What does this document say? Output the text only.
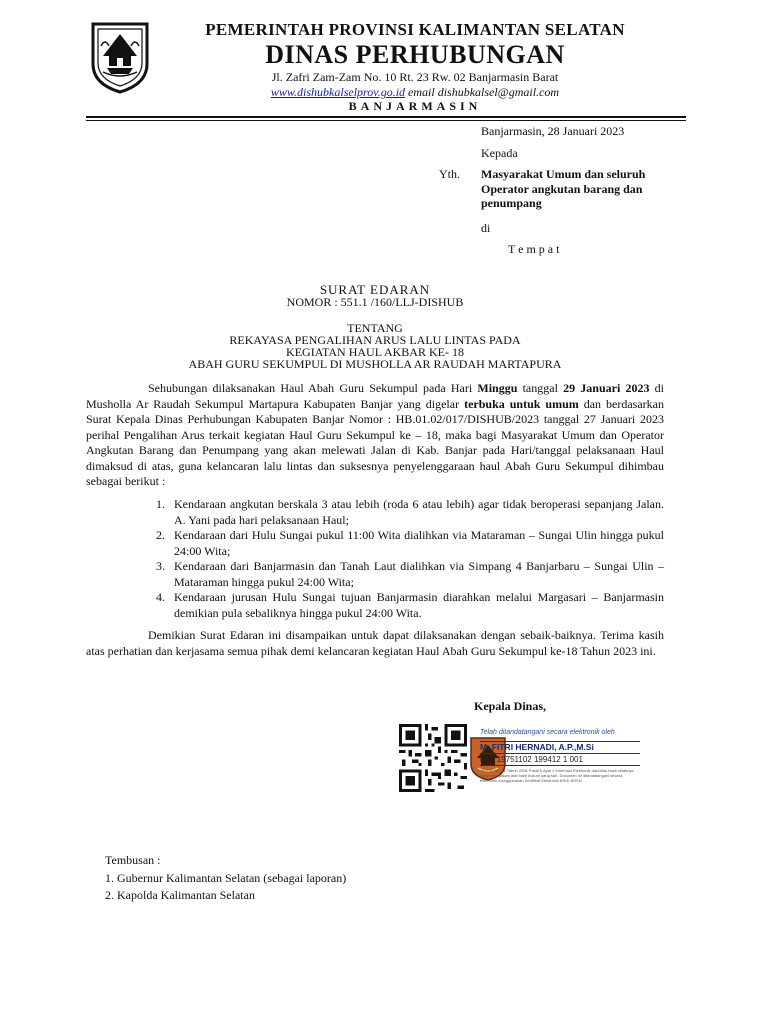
PEMERINTAH PROVINSI KALIMANTAN SELATAN
DINAS PERHUBUNGAN
Jl. Zafri Zam-Zam No. 10 Rt. 23 Rw. 02 Banjarmasin Barat
www.dishubkalselprov.go.id email dishubkalsel@gmail.com
BANJARMASIN
Banjarmasin, 28 Januari 2023
Kepada
Yth. Masyarakat Umum dan seluruh
Operator angkutan barang dan
penumpang
di
T e m p a t
SURAT EDARAN
NOMOR : 551.1 /160/LLJ-DISHUB
TENTANG
REKAYASA PENGALIHAN ARUS LALU LINTAS PADA
KEGIATAN HAUL AKBAR KE- 18
ABAH GURU SEKUMPUL DI MUSHOLLA AR RAUDAH MARTAPURA
Sehubungan dilaksanakan Haul Abah Guru Sekumpul pada Hari Minggu tanggal 29 Januari 2023 di Musholla Ar Raudah Sekumpul Martapura Kabupaten Banjar yang digelar terbuka untuk umum dan berdasarkan Surat Kepala Dinas Perhubungan Kabupaten Banjar Nomor : HB.01.02/017/DISHUB/2023 tanggal 27 Januari 2023 perihal Pengalihan Arus terkait kegiatan Haul Guru Sekumpul ke – 18, maka bagi Masyarakat Umum dan Operator Angkutan Barang dan Penumpang yang akan melewati Jalan di Kab. Banjar pada Hari/tanggal pelaksanaan Haul dimaksud di atas, guna kelancaran lalu lintas dan suksesnya penyelenggaraan haul Abah Guru Sekumpul dihimbau sebagai berikut :
1. Kendaraan angkutan berskala 3 atau lebih (roda 6 atau lebih) agar tidak beroperasi sepanjang Jalan. A. Yani pada hari pelaksanaan Haul;
2. Kendaraan dari Hulu Sungai pukul 11:00 Wita dialihkan via Mataraman – Sungai Ulin hingga pukul 24:00 Wita;
3. Kendaraan dari Banjarmasin dan Tanah Laut dialihkan via Simpang 4 Banjarbaru – Sungai Ulin – Mataraman hingga pukul 24:00 Wita;
4. Kendaraan jurusan Hulu Sungai tujuan Banjarmasin diarahkan melalui Margasari – Banjarmasin demikian pula sebaliknya hingga pukul 24:00 Wita.
Demikian Surat Edaran ini disampaikan untuk dapat dilaksanakan dengan sebaik-baiknya. Terima kasih atas perhatian dan kerjasama semua pihak demi kelancaran kegiatan Haul Abah Guru Sekumpul ke-18 Tahun 2023 ini.
Kepala Dinas,
Telah ditandatangani secara elektronik oleh
M. FITRI HERNADI, A.P.,M.Si
NIP. 19751102 199412 1 001
UU ITE No. 11 Tahun 2008 Pasal 5 Ayat 1 Informasi Elektronik dan/atau hasil cetaknya yang merupakan alat bukti hukum yang sah. Dokumen ini ditandatangani secara elektronik menggunakan Sertifikat Elektronik BSrE-BSSN
Tembusan :
1. Gubernur Kalimantan Selatan (sebagai laporan)
2. Kapolda Kalimantan Selatan
